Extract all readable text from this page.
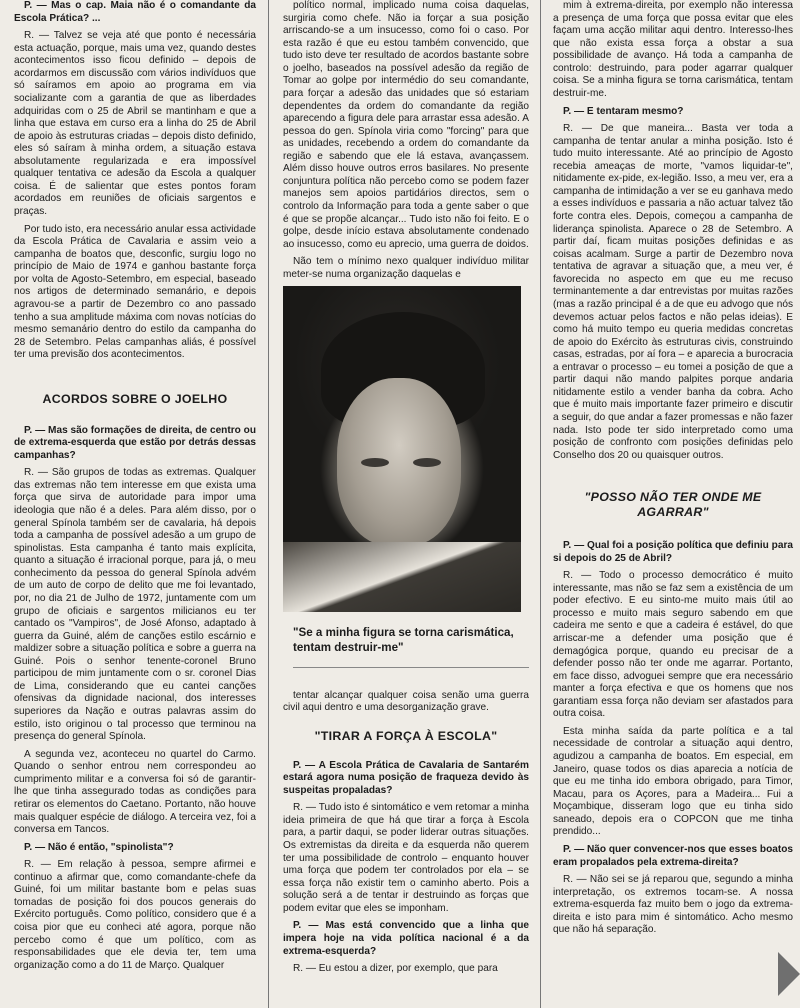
P. — Mas o cap. Maia não é o comandante da Escola Prática? ...

R. — Talvez se veja até que ponto é necessária esta actuação, porque, mais uma vez, quando destes acontecimentos isso ficou definido – depois de acordarmos em discussão com vários indivíduos que só saíramos em apoio ao programa em via socializante com a garantia de que as liberdades adquiridas com o 25 de Abril se mantinham e que a linha que estava em curso era a linha do 25 de Abril de apoio às estruturas criadas – depois disto definido, eles só saíram à minha ordem, a situação estava absolutamente regularizada e era impossível qualquer tentativa ce adesão da Escola a qualquer coisa. É de salientar que estes pontos foram acordados em reuniões de oficiais sargentos e praças.

Por tudo isto, era necessário anular essa actividade da Escola Prática de Cavalaria e assim veio a campanha de boatos que, desconfic, surgiu logo no princípio de Maio de 1974 e ganhou bastante força por volta de Agosto-Setembro, em especial, baseado nos artigos de determinado semanário, e depois agravou-se a partir de Dezembro co ano passado tenho a sua amplitude máxima com novas notícias do mesmo semanário dentro do estilo da campanha do 28 de Setembro. Pelas campanhas aliás, é possível ter uma previsão dos acontecimentos.

ACORDOS SOBRE O JOELHO

P. — Mas são formações de direita, de centro ou de extrema-esquerda que estão por detrás dessas campanhas?

R. — São grupos de todas as extremas. Qualquer das extremas não tem interesse em que exista uma força que sirva de autoridade para impor uma ideologia que não é a deles. Para além disso, por o general Spínola também ser de cavalaria, há depois toda a campanha de possível adesão a um grupo de spinolistas. Esta campanha é tanto mais explícita, quanto a situação é irracional porque, para já, o meu conhecimento da pessoa do general Spínola advém de um auto de corpo de delito que me foi levantado, por, no dia 21 de Julho de 1972, juntamente com um grupo de oficiais e sargentos milicianos eu ter cantado os "Vampiros", de José Afonso, adaptado à guerra da Guiné, além de canções estilo escárnio e maldizer sobre a situação política e sobre a guerra na Guiné. Pois o senhor tenente-coronel Bruno participou de mim juntamente com o sr. coronel Dias de Lima, considerando que eu cantei canções ofensivas da dignidade nacional, dos interesses superiores da Nação e outras palavras assim do estilo, isto originou o tal processo que terminou na presença do general Spínola.

A segunda vez, aconteceu no quartel do Carmo. Quando o senhor entrou nem correspondeu ao cumprimento militar e a conversa foi só de garantir-lhe que tinha assegurado todas as condições para retirar os elementos do Caetano. Portanto, não houve mais qualquer espécie de diálogo. A terceira vez, foi a conversa em Tancos.

P. — Não é então, "spinolista"?

R. — Em relação à pessoa, sempre afirmei e continuo a afirmar que, como comandante-chefe da Guiné, foi um militar bastante bom e pelas suas tomadas de posição foi dos poucos generais do Exército português. Como político, considero que é a coisa pior que eu conheci até agora, porque não percebo como é que um político, com as responsabilidades que ele devia ter, tem uma organização como a do 11 de Março. Qualquer

político normal, implicado numa coisa daquelas, surgiria como chefe. Não ia forçar a sua posição arriscando-se a um insucesso, como foi o caso. Por esta razão é que eu estou também convencido, que tudo isto deve ter resultado de acordos bastante sobre o joelho, baseados na possível adesão da região de Tomar ao golpe por intermédio do seu comandante, para forçar a adesão das unidades que só estariam dependentes da ordem do comandante da região aparecendo a figura dele para arrastar essa adesão. A pessoa do gen. Spínola viria como "forcing" para que as unidades, recebendo a ordem do comandante da região e sabendo que ele lá estava, avançassem. Além disso houve outros erros basilares. No presente conjuntura política não percebo como se podem fazer manejos sem apoios partidários directos, sem o controlo da Informação para toda a gente saber o que é que se propõe alcançar... Tudo isto não foi feito. E o golpe, desde início estava absolutamente condenado ao insucesso, como eu aprecio, uma guerra de doidos.

Não tem o mínimo nexo qualquer indivíduo militar meter-se numa organização daquelas e

"Se a minha figura se torna carismática, tentam destruir-me"

tentar alcançar qualquer coisa senão uma guerra civil aqui dentro e uma desorganização grave.

"TIRAR A FORÇA À ESCOLA"

P. — A Escola Prática de Cavalaria de Santarém estará agora numa posição de fraqueza devido às suspeitas propaladas?

R. — Tudo isto é sintomático e vem retomar a minha ideia primeira de que há que tirar a força à Escola para, a partir daqui, se poder liderar outras situações. Os extremistas da direita e da esquerda não querem ter uma possibilidade de controlo – enquanto houver uma força que podem ter controlados por ela – se essa força não existir tem o caminho aberto. Pois a solução será a de tentar ir destruindo as forças que podem evitar que eles se imponham.

P. — Mas está convencido que a linha que impera hoje na vida política nacional é a da extrema-esquerda?

R. — Eu estou a dizer, por exemplo, que para

mim à extrema-direita, por exemplo não interessa a presença de uma força que possa evitar que eles façam uma acção militar aqui dentro. Interesso-lhes que não exista essa força a obstar a sua possibilidade de avanço. Há toda a campanha de controlo: destruindo, para poder agarrar qualquer coisa. Se a minha figura se torna carismática, tentam destruir-me.

P. — E tentaram mesmo?

R. — De que maneira... Basta ver toda a campanha de tentar anular a minha posição. Isto é tudo muito interessante. Até ao princípio de Agosto recebia ameaças de morte, "vamos liquidar-te", nitidamente ex-pide, ex-legião. Isso, a meu ver, era a campanha de intimidação a ver se eu ganhava medo a esses indivíduos e passaria a não actuar talvez tão forte contra eles. Depois, começou a campanha de liderança spinolista. Aparece o 28 de Setembro. A partir daí, ficam muitas posições definidas e as coisas acalmam. Surge a partir de Dezembro nova tentativa de agravar a situação que, a meu ver, é favorecida no aspecto em que eu me recuso terminantemente a dar entrevistas por muitas razões (mas a razão principal é a de que eu advogo que nós devemos actuar pelos factos e não pelas ideias). E como há muito tempo eu queria medidas concretas de apoio do Exército às estruturas civis, construindo casas, estradas, por aí fora – e aparecia a burocracia a entravar o processo – eu tomei a posição de que a partir daqui não mando palpites porque andaria nitidamente estilo a vender banha da cobra. Acho que é muito mais importante fazer primeiro e discutir a seguir, do que andar a fazer promessas e não fazer nada. Isto pode ter sido interpretado como uma posição de confronto com posições definidas pelo Conselho dos 20 ou quaisquer outros.

"POSSO NÃO TER ONDE ME AGARRAR"

P. — Qual foi a posição política que definiu para si depois do 25 de Abril?

R. — Todo o processo democrático é muito interessante, mas não se faz sem a existência de um poder efectivo. E eu sinto-me muito mais útil ao processo e muito mais seguro sabendo em que cadeira me sento e que a cadeira é estável, do que arriscar-me a defender uma posição que é demagógica porque, quando eu precisar de a defender posso não ter onde me agarrar. Portanto, em face disso, advoguei sempre que era necessário manter a força efectiva e que os homens que nos garantiam essa força não deviam ser afastados para outra coisa.

Esta minha saída da parte política e a tal necessidade de controlar a situação aqui dentro, agudizou a campanha de boatos. Em especial, em Janeiro, quase todos os dias aparecia a notícia de que eu me tinha ido embora obrigado, para Timor, Macau, para os Açores, para a Madeira... Fui a Moçambique, disseram logo que eu tinha sido saneado, depois era o COPCON que me tinha prendido...

P. — Não quer convencer-nos que esses boatos eram propalados pela extrema-direita?

R. — Não sei se já reparou que, segundo a minha interpretação, os extremos tocam-se. A nossa extrema-esquerda faz muito bem o jogo da extrema-direita e isto para mim é sintomático. Acho mesmo que não há separação.
